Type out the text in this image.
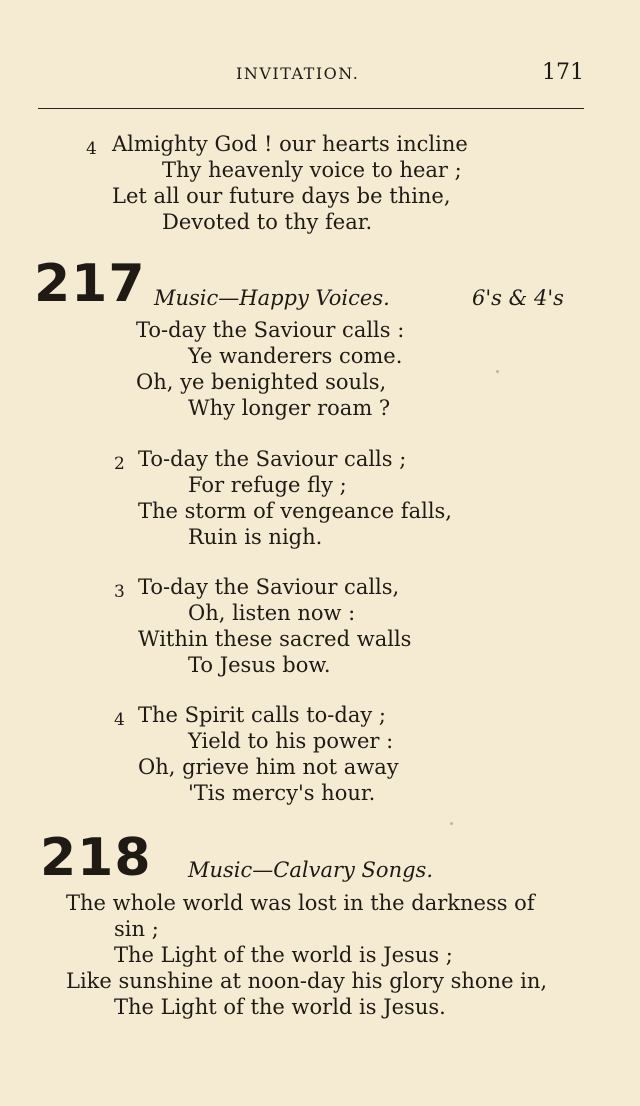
INVITATION.	171
4 Almighty God ! our hearts incline
Thy heavenly voice to hear ;
Let all our future days be thine,
Devoted to thy fear.
217 Music—Happy Voices.	6's & 4's
To-day the Saviour calls :
Ye wanderers come.
Oh, ye benighted souls,
Why longer roam ?
2 To-day the Saviour calls ;
For refuge fly ;
The storm of vengeance falls,
Ruin is nigh.
3 To-day the Saviour calls,
Oh, listen now :
Within these sacred walls
To Jesus bow.
4 The Spirit calls to-day ;
Yield to his power :
Oh, grieve him not away
'Tis mercy's hour.
218 Music—Calvary Songs.
The whole world was lost in the darkness of
sin ;
The Light of the world is Jesus ;
Like sunshine at noon-day his glory shone in,
The Light of the world is Jesus.
